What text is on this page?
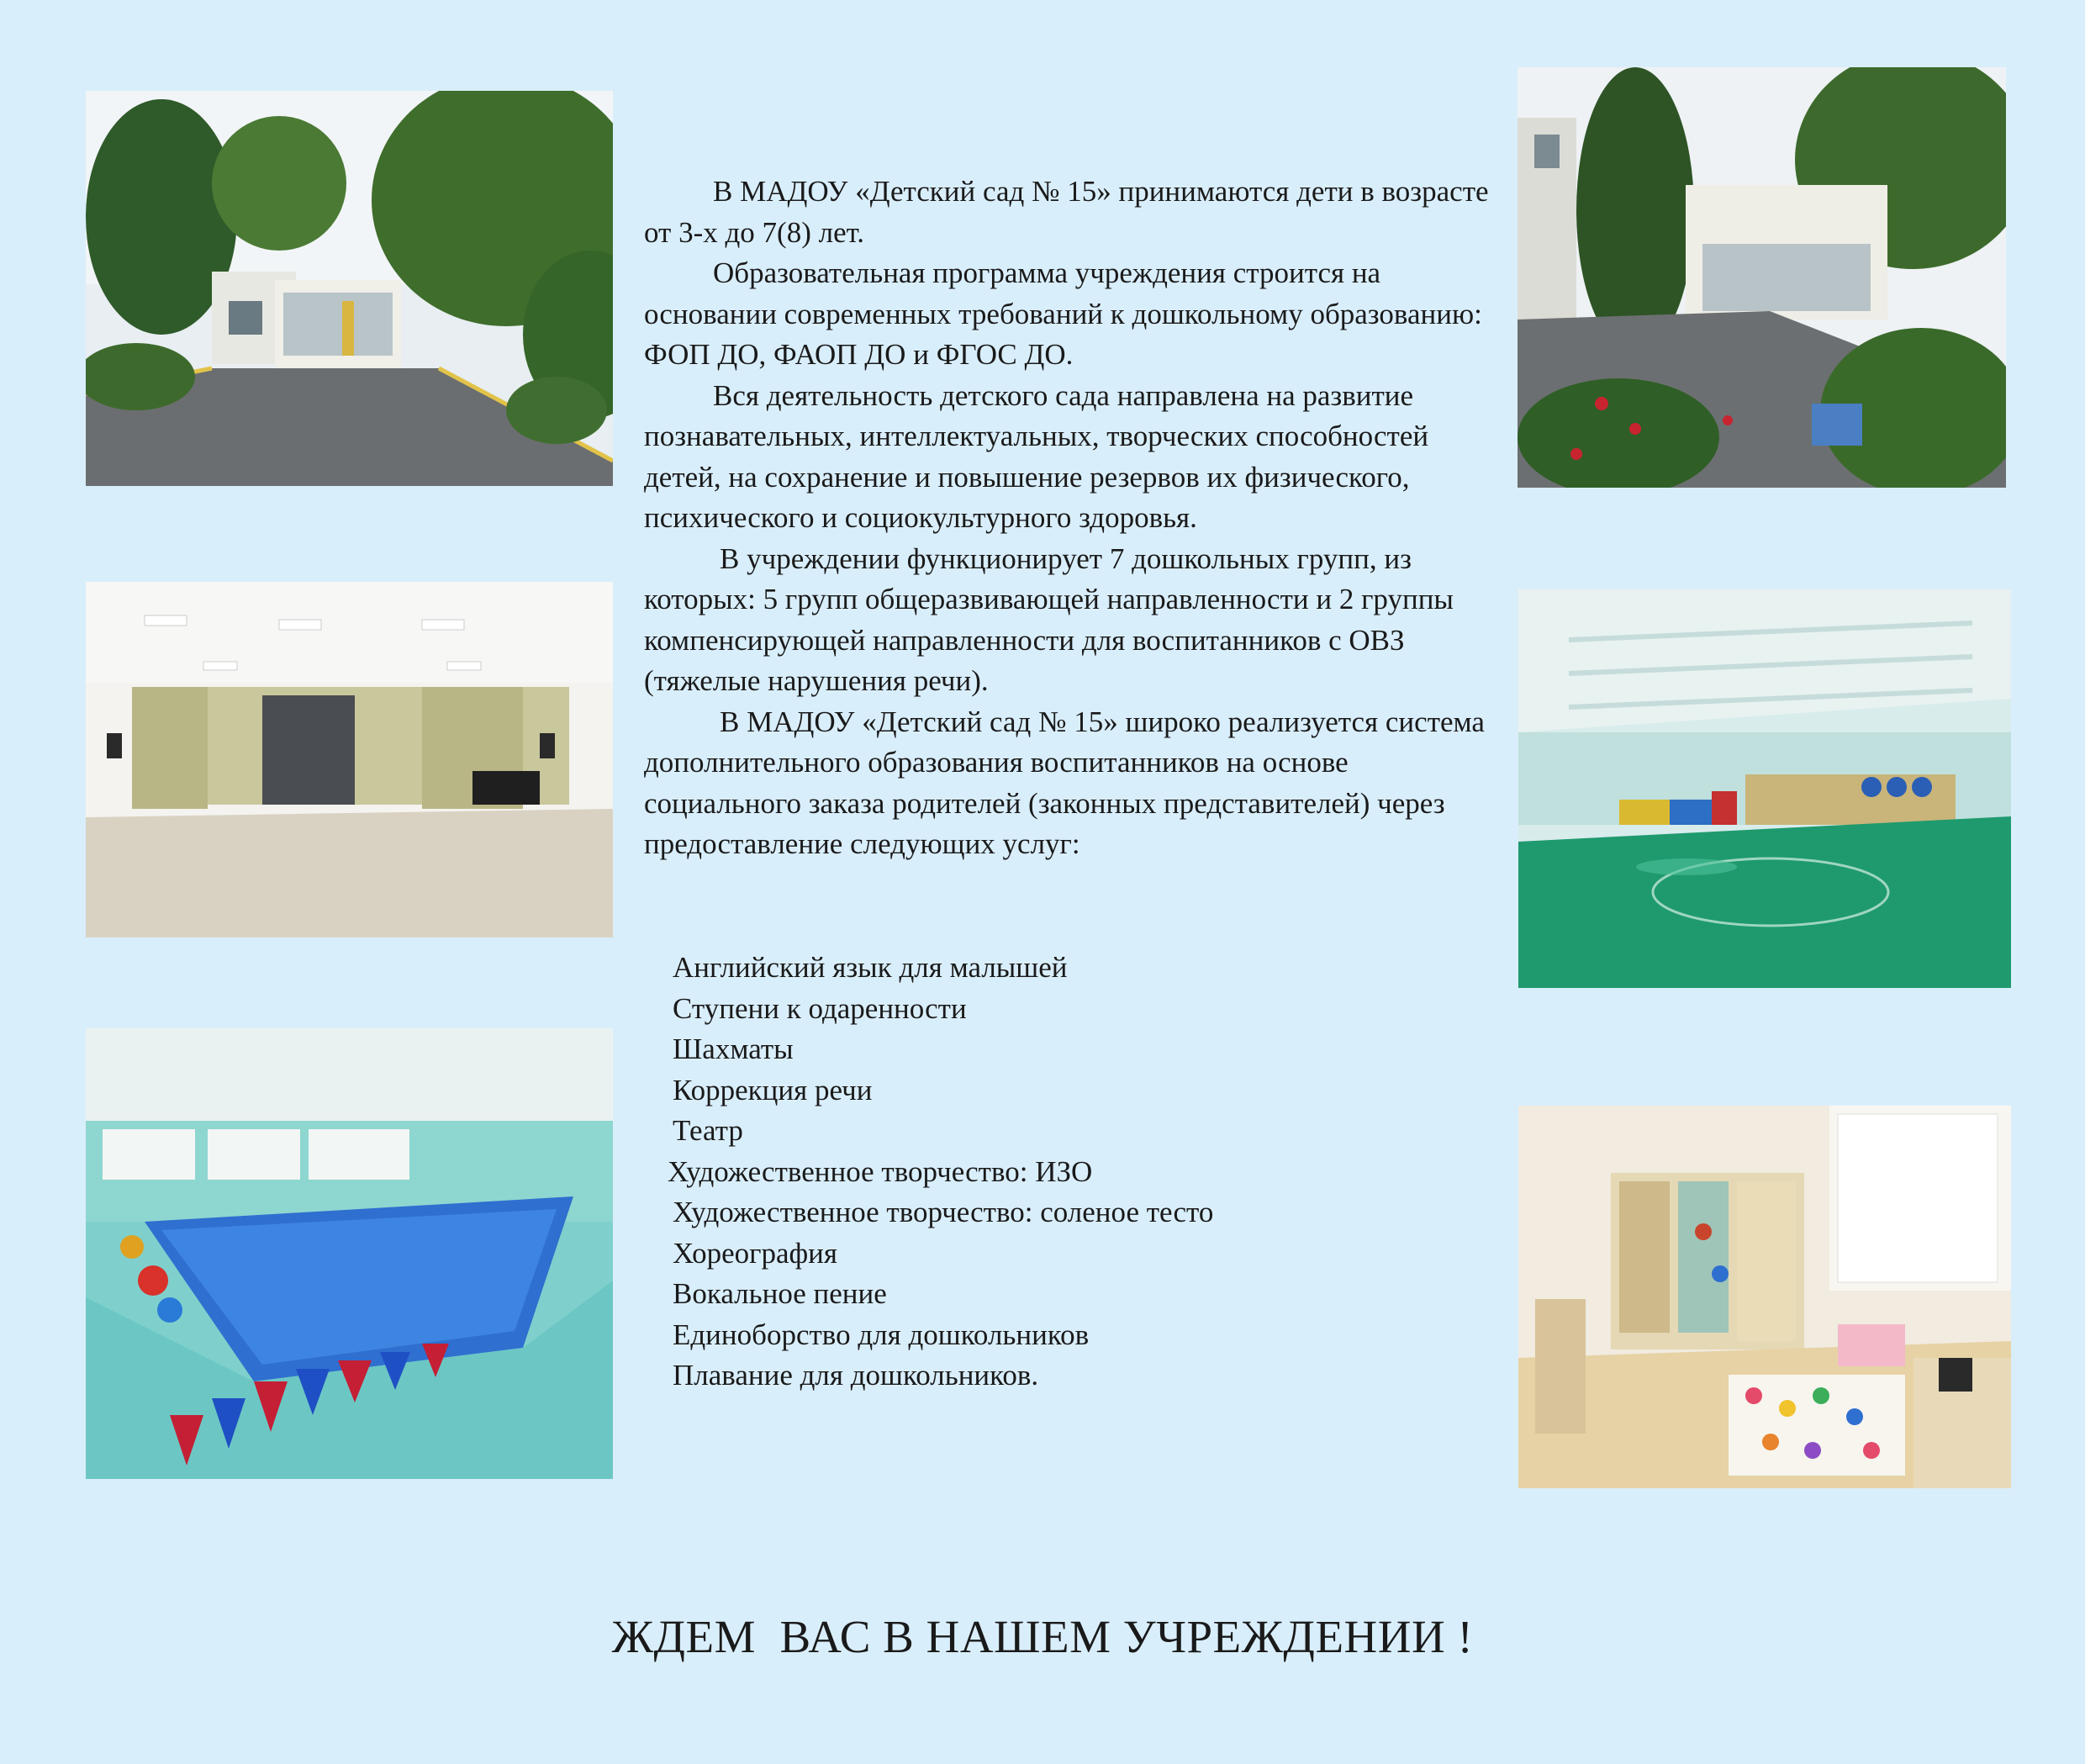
В МАДОУ «Детский сад № 15» принимаются дети в возрасте от 3-х до 7(8) лет.

Образовательная программа учреждения строится на основании современных требований к дошкольному образованию: ФОП ДО, ФАОП ДО и ФГОС ДО.

Вся деятельность детского сада направлена на развитие познавательных, интеллектуальных, творческих способностей детей, на сохранение и повышение резервов их физического, психического и социокультурного здоровья.

В учреждении функционирует 7 дошкольных групп, из которых: 5 групп общеразвивающей направленности и 2 группы компенсирующей направленности для воспитанников с ОВЗ (тяжелые нарушения речи).

В МАДОУ «Детский сад № 15» широко реализуется система дополнительного образования воспитанников на основе социального заказа родителей (законных представителей) через предоставление следующих услуг:

Английский язык для малышей
Ступени к одаренности
Шахматы
Коррекция речи
Театр
Художественное творчество: ИЗО
Художественное творчество: соленое тесто
Хореография
Вокальное пение
Единоборство для дошкольников
Плавание для дошкольников.
ЖДЕМ  ВАС В НАШЕМ УЧРЕЖДЕНИИ !
